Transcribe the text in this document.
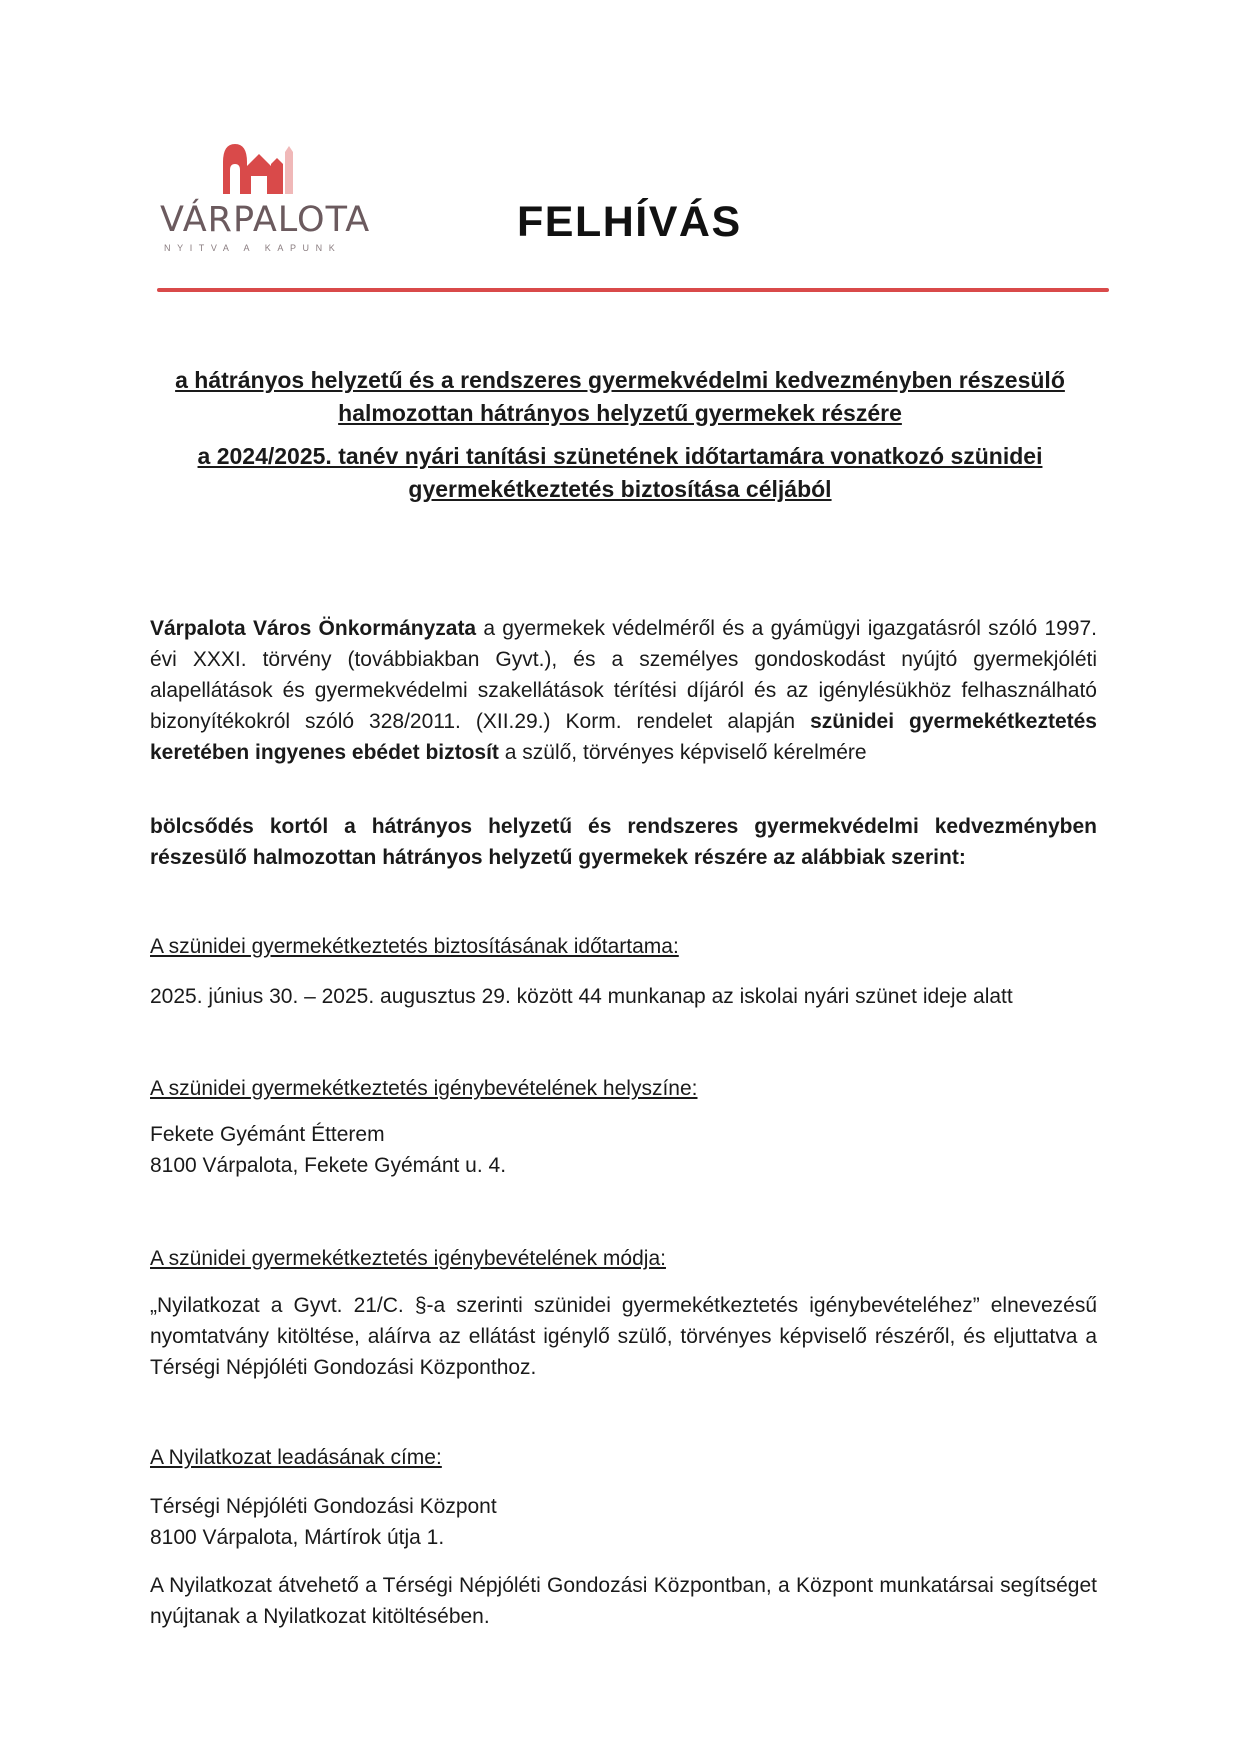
VÁRPALOTA
NYITVA A KAPUNK
FELHÍVÁS
a hátrányos helyzetű és a rendszeres gyermekvédelmi kedvezményben részesülő halmozottan hátrányos helyzetű gyermekek részére
a 2024/2025. tanév nyári tanítási szünetének időtartamára vonatkozó szünidei gyermekétkeztetés biztosítása céljából
Várpalota Város Önkormányzata a gyermekek védelméről és a gyámügyi igazgatásról szóló 1997. évi XXXI. törvény (továbbiakban Gyvt.), és a személyes gondoskodást nyújtó gyermekjóléti alapellátások és gyermekvédelmi szakellátások térítési díjáról és az igénylésükhöz felhasználható bizonyítékokról szóló 328/2011. (XII.29.) Korm. rendelet alapján szünidei gyermekétkeztetés keretében ingyenes ebédet biztosít a szülő, törvényes képviselő kérelmére
bölcsődés kortól a hátrányos helyzetű és rendszeres gyermekvédelmi kedvezményben részesülő halmozottan hátrányos helyzetű gyermekek részére az alábbiak szerint:
A szünidei gyermekétkeztetés biztosításának időtartama:
2025. június 30. – 2025. augusztus 29. között 44 munkanap az iskolai nyári szünet ideje alatt
A szünidei gyermekétkeztetés igénybevételének helyszíne:
Fekete Gyémánt Étterem
8100 Várpalota, Fekete Gyémánt u. 4.
A szünidei gyermekétkeztetés igénybevételének módja:
„Nyilatkozat a Gyvt. 21/C. §-a szerinti szünidei gyermekétkeztetés igénybevételéhez” elnevezésű nyomtatvány kitöltése, aláírva az ellátást igénylő szülő, törvényes képviselő részéről, és eljuttatva a Térségi Népjóléti Gondozási Központhoz.
A Nyilatkozat leadásának címe:
Térségi Népjóléti Gondozási Központ
8100 Várpalota, Mártírok útja 1.
A Nyilatkozat átvehető a Térségi Népjóléti Gondozási Központban, a Központ munkatársai segítséget nyújtanak a Nyilatkozat kitöltésében.
